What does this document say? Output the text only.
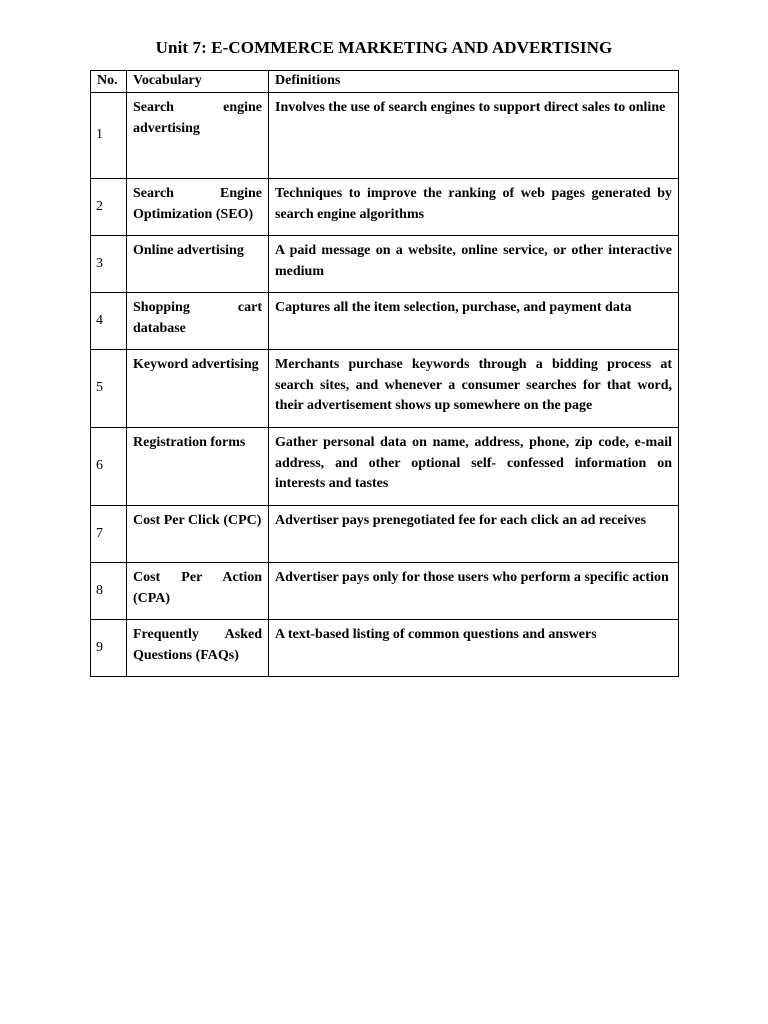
Unit 7: E-COMMERCE MARKETING AND ADVERTISING
No.	Vocabulary	Definitions
1	Search engine advertising	Involves the use of search engines to support direct sales to online
2	Search Engine Optimization (SEO)	Techniques to improve the ranking of web pages generated by search engine algorithms
3	Online advertising	A paid message on a website, online service, or other interactive medium
4	Shopping cart database	Captures all the item selection, purchase, and payment data
5	Keyword advertising	Merchants purchase keywords through a bidding process at search sites, and whenever a consumer searches for that word, their advertisement shows up somewhere on the page
6	Registration forms	Gather personal data on name, address, phone, zip code, e-mail address, and other optional self- confessed information on interests and tastes
7	Cost Per Click (CPC)	Advertiser pays prenegotiated fee for each click an ad receives
8	Cost Per Action (CPA)	Advertiser pays only for those users who perform a specific action
9	Frequently Asked Questions (FAQs)	A text-based listing of common questions and answers
